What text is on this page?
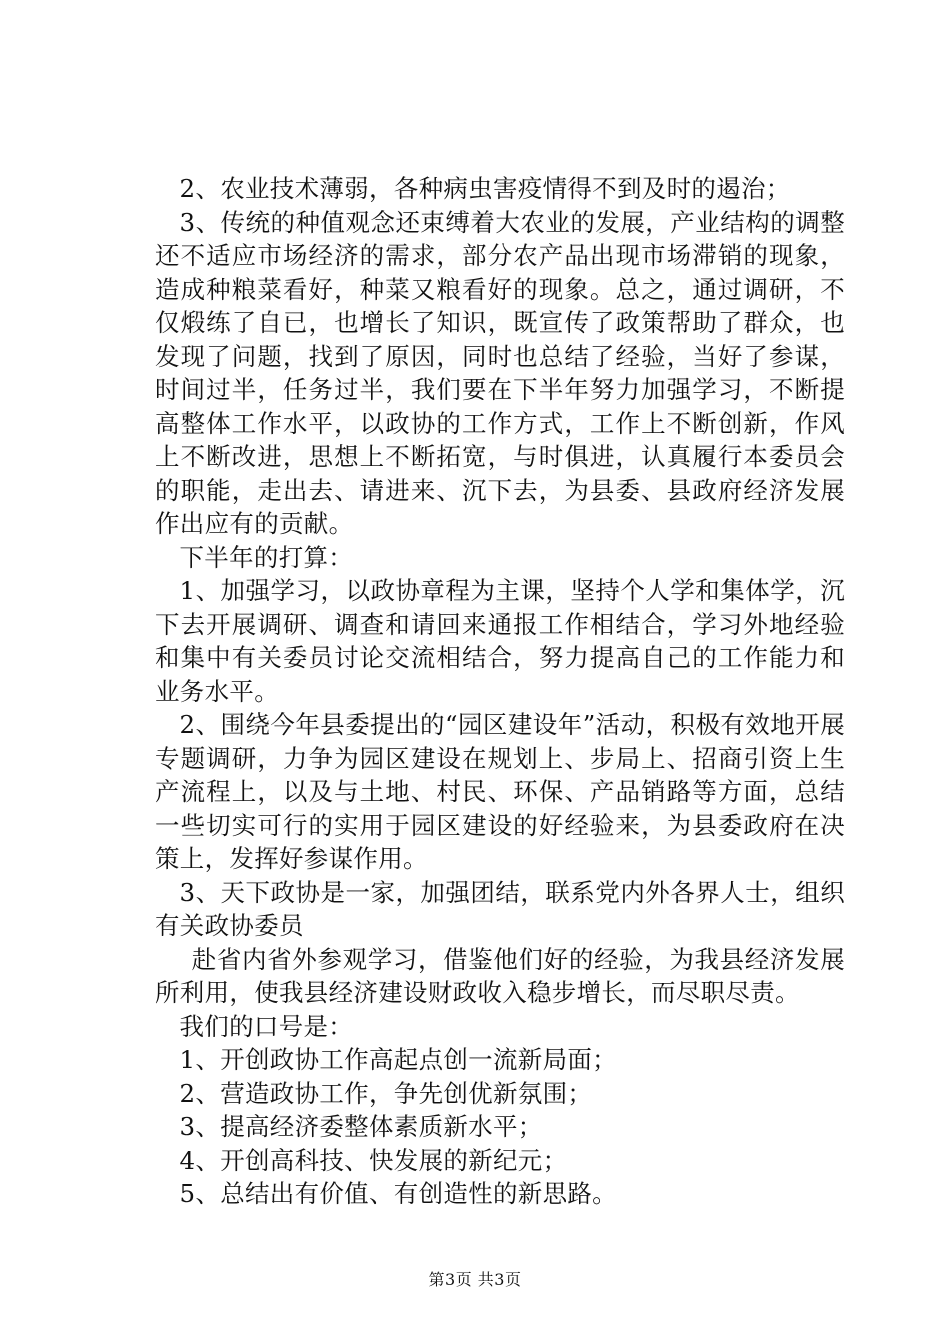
2、农业技术薄弱，各种病虫害疫情得不到及时的遏治；

3、传统的种值观念还束缚着大农业的发展，产业结构的调整还不适应市场经济的需求，部分农产品出现市场滞销的现象，造成种粮菜看好，种菜又粮看好的现象。总之，通过调研，不仅煅练了自已，也增长了知识，既宣传了政策帮助了群众，也发现了问题，找到了原因，同时也总结了经验，当好了参谋，时间过半，任务过半，我们要在下半年努力加强学习，不断提高整体工作水平，以政协的工作方式，工作上不断创新，作风上不断改进，思想上不断拓宽，与时俱进，认真履行本委员会的职能，走出去、请进来、沉下去，为县委、县政府经济发展作出应有的贡献。

下半年的打算：

1、加强学习，以政协章程为主课，坚持个人学和集体学，沉下去开展调研、调查和请回来通报工作相结合，学习外地经验和集中有关委员讨论交流相结合，努力提高自己的工作能力和业务水平。

2、围绕今年县委提出的“园区建设年”活动，积极有效地开展专题调研，力争为园区建设在规划上、步局上、招商引资上生产流程上，以及与土地、村民、环保、产品销路等方面，总结一些切实可行的实用于园区建设的好经验来，为县委政府在决策上，发挥好参谋作用。

3、天下政协是一家，加强团结，联系党内外各界人士，组织有关政协委员

赴省内省外参观学习，借鉴他们好的经验，为我县经济发展所利用，使我县经济建设财政收入稳步增长，而尽职尽责。

我们的口号是：

1、开创政协工作高起点创一流新局面；

2、营造政协工作，争先创优新氛围；

3、提高经济委整体素质新水平；

4、开创高科技、快发展的新纪元；

5、总结出有价值、有创造性的新思路。

第3页 共3页
